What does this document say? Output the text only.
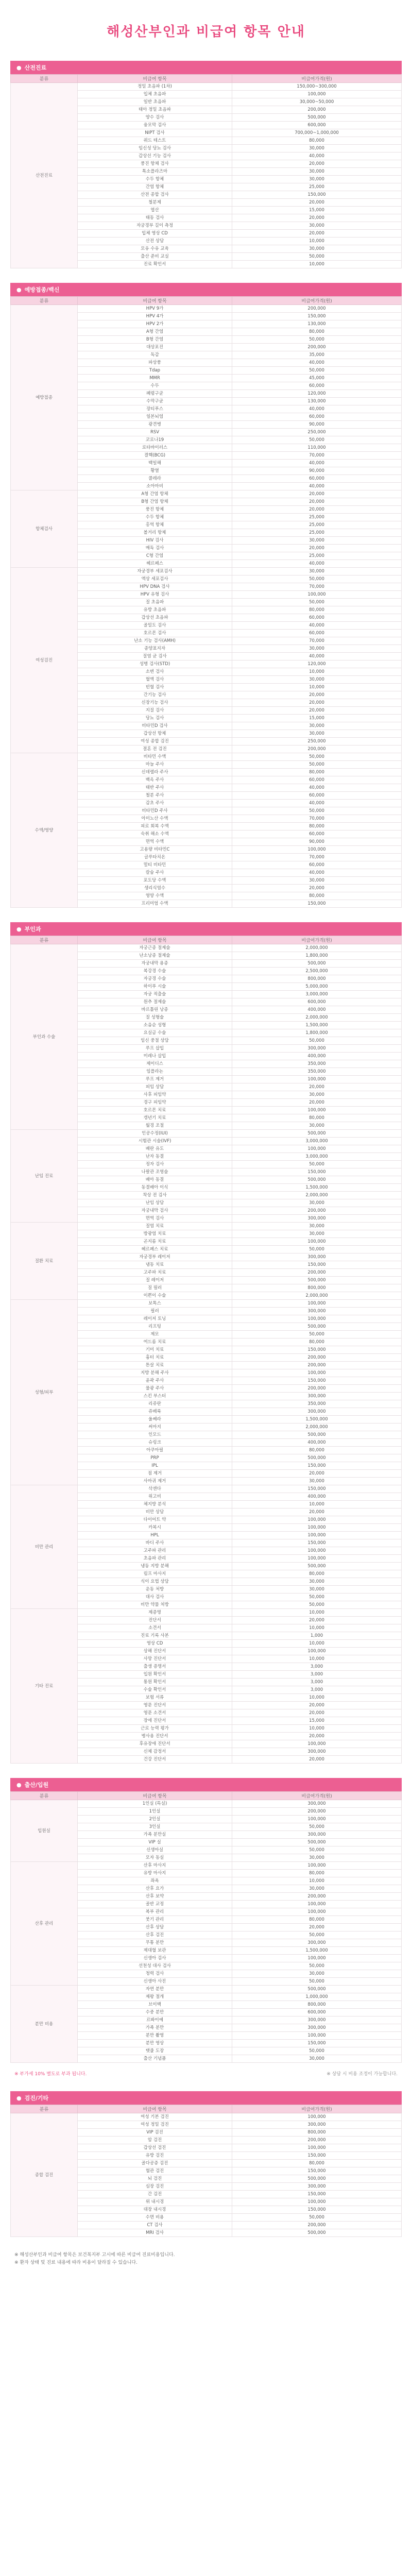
해성산부인과 비급여 항목 안내
● 산전진료
분류	비급여 항목	비급여가격(원)
산전진료	정밀 초음파 (1차)	150,000~300,000
	입체 초음파	100,000
	일반 초음파	30,000~50,000
	태아 정밀 초음파	200,000
	양수 검사	500,000
	융모막 검사	600,000
	NIPT 검사	700,000~1,000,000
	쿼드 테스트	80,000
	임신성 당뇨 검사	30,000
	갑상선 기능 검사	40,000
	풍진 항체 검사	20,000
	톡소플라즈마	30,000
	수두 항체	30,000
	간염 항체	25,000
	산전 종합 검사	150,000
	철분제	20,000
	엽산	15,000
	태동 검사	20,000
	자궁경부 길이 측정	30,000
	입체 영상 CD	20,000
	산전 상담	10,000
	모유 수유 교육	30,000
	출산 준비 교실	50,000
	진료 확인서	10,000
● 예방접종/백신
분류	비급여 항목	비급여가격(원)
예방접종	HPV 9가	200,000
	HPV 4가	150,000
	HPV 2가	130,000
	A형 간염	80,000
	B형 간염	50,000
	대상포진	200,000
	독감	35,000
	파상풍	40,000
	Tdap	50,000
	MMR	45,000
	수두	60,000
	폐렴구균	120,000
	수막구균	130,000
	장티푸스	40,000
	일본뇌염	60,000
	광견병	90,000
	RSV	250,000
	코로나19	50,000
	로타바이러스	110,000
	결핵(BCG)	70,000
	백일해	40,000
	황열	90,000
	콜레라	60,000
	소아마비	40,000
항체검사	A형 간염 항체	20,000
	B형 간염 항체	20,000
	풍진 항체	20,000
	수두 항체	25,000
	홍역 항체	25,000
	볼거리 항체	25,000
	HIV 검사	30,000
	매독 검사	20,000
	C형 간염	25,000
	헤르페스	40,000
여성검진	자궁경부 세포검사	30,000
	액상 세포검사	50,000
	HPV DNA 검사	70,000
	HPV 유형 검사	100,000
	질 초음파	50,000
	유방 초음파	80,000
	갑상선 초음파	60,000
	골밀도 검사	40,000
	호르몬 검사	60,000
	난소 기능 검사(AMH)	70,000
	종양표지자	30,000
	질염 균 검사	40,000
	성병 검사(STD)	120,000
	소변 검사	10,000
	혈액 검사	30,000
	빈혈 검사	10,000
	간기능 검사	20,000
	신장기능 검사	20,000
	지질 검사	20,000
	당뇨 검사	15,000
	비타민D 검사	30,000
	갑상선 항체	30,000
	여성 종합 검진	250,000
	결혼 전 검진	200,000
수액/영양	비타민 수액	50,000
	마늘 주사	50,000
	신데렐라 주사	80,000
	백옥 주사	60,000
	태반 주사	40,000
	철분 주사	60,000
	감초 주사	40,000
	비타민D 주사	50,000
	아미노산 수액	70,000
	피로 회복 수액	80,000
	숙취 해소 수액	60,000
	면역 수액	90,000
	고용량 비타민C	100,000
	글루타치온	70,000
	멀티 비타민	60,000
	칼슘 주사	40,000
	포도당 수액	30,000
	생리식염수	20,000
	영양 수액	80,000
	프리미엄 수액	150,000
● 부인과
분류	비급여 항목	비급여가격(원)
부인과 수술	자궁근종 절제술	2,000,000
	난소낭종 절제술	1,800,000
	자궁내막 용종	500,000
	복강경 수술	2,500,000
	자궁경 수술	800,000
	하이푸 시술	5,000,000
	자궁 적출술	3,000,000
	원추 절제술	600,000
	바르톨린 낭종	400,000
	질 성형술	2,000,000
	소음순 성형	1,500,000
	요실금 수술	1,800,000
	임신 중절 상담	50,000
	루프 삽입	300,000
	미레나 삽입	400,000
	제이디스	350,000
	임플라논	350,000
	루프 제거	100,000
	피임 상담	20,000
	사후 피임약	30,000
	경구 피임약	20,000
	호르몬 치료	100,000
	갱년기 치료	80,000
	월경 조절	30,000
난임 진료	인공수정(IUI)	500,000
	시험관 시술(IVF)	3,000,000
	배란 유도	100,000
	난자 동결	3,000,000
	정자 검사	50,000
	나팔관 조영술	150,000
	배아 동결	500,000
	동결배아 이식	1,500,000
	착상 전 검사	2,000,000
	난임 상담	30,000
	자궁내막 검사	200,000
	면역 검사	300,000
질환 치료	질염 치료	30,000
	방광염 치료	30,000
	곤지름 치료	100,000
	헤르페스 치료	50,000
	자궁경부 레이저	300,000
	냉동 치료	150,000
	고주파 치료	200,000
	질 레이저	500,000
	질 필러	800,000
	이쁜이 수술	2,000,000
성형/피부	보톡스	100,000
	필러	300,000
	레이저 토닝	100,000
	리프팅	500,000
	제모	50,000
	여드름 치료	80,000
	기미 치료	150,000
	흉터 치료	200,000
	튼살 치료	200,000
	지방 분해 주사	100,000
	윤곽 주사	150,000
	물광 주사	200,000
	스킨 부스터	300,000
	리쥬란	350,000
	쥬베룩	300,000
	울쎄라	1,500,000
	써마지	2,000,000
	인모드	500,000
	슈링크	400,000
	아쿠아필	80,000
	PRP	500,000
	IPL	150,000
	점 제거	20,000
	사마귀 제거	30,000
비만 관리	삭센다	150,000
	위고비	400,000
	체지방 분석	10,000
	비만 상담	20,000
	다이어트 약	100,000
	카복시	100,000
	HPL	100,000
	바디 주사	150,000
	고주파 관리	100,000
	초음파 관리	100,000
	냉동 지방 분해	500,000
	림프 마사지	80,000
	식이 요법 상담	30,000
	운동 처방	30,000
	대사 검사	50,000
	비만 약물 처방	50,000
기타 진료	제증명	10,000
	진단서	20,000
	소견서	10,000
	진료 기록 사본	1,000
	영상 CD	10,000
	상해 진단서	100,000
	사망 진단서	10,000
	출생 증명서	3,000
	입원 확인서	3,000
	통원 확인서	3,000
	수술 확인서	3,000
	보험 서류	10,000
	영문 진단서	20,000
	영문 소견서	20,000
	장애 진단서	15,000
	근로 능력 평가	10,000
	병사용 진단서	20,000
	후유장애 진단서	100,000
	신체 감정서	300,000
	건강 진단서	20,000
● 출산/입원
분류	비급여 항목	비급여가격(원)
입원실	1인실 (특실)	300,000
	1인실	200,000
	2인실	100,000
	3인실	50,000
	가족 분만실	300,000
	VIP 실	500,000
	신생아실	50,000
	모자 동실	30,000
산후 관리	산후 마사지	100,000
	유방 마사지	80,000
	좌욕	10,000
	산후 요가	30,000
	산후 보약	200,000
	골반 교정	100,000
	복부 관리	100,000
	붓기 관리	80,000
	산후 상담	20,000
	산후 검진	50,000
	무통 분만	300,000
	제대혈 보관	1,500,000
	신생아 검사	100,000
	선천성 대사 검사	50,000
	청력 검사	30,000
	신생아 사진	50,000
분만 비용	자연 분만	500,000
	제왕 절개	1,000,000
	브이백	800,000
	수중 분만	600,000
	르봐이예	300,000
	가족 분만	300,000
	분만 촬영	100,000
	분만 영상	150,000
	탯줄 도장	50,000
	출산 기념품	30,000
※ 부가세 10% 별도로 부과 됩니다.	※ 상담 시 비용 조정이 가능합니다.
● 검진/기타
분류	비급여 항목	비급여가격(원)
종합 검진	여성 기본 검진	100,000
	여성 정밀 검진	300,000
	VIP 검진	800,000
	암 검진	200,000
	갑상선 검진	100,000
	유방 검진	150,000
	골다공증 검진	80,000
	혈관 검진	150,000
	뇌 검진	500,000
	심장 검진	300,000
	간 검진	150,000
	위 내시경	100,000
	대장 내시경	150,000
	수면 비용	50,000
	CT 검사	200,000
	MRI 검사	500,000

※ 해성산부인과 비급여 항목은 보건복지부 고시에 따른 비급여 진료비용입니다.

※ 환자 상태 및 진료 내용에 따라 비용이 달라질 수 있습니다.
